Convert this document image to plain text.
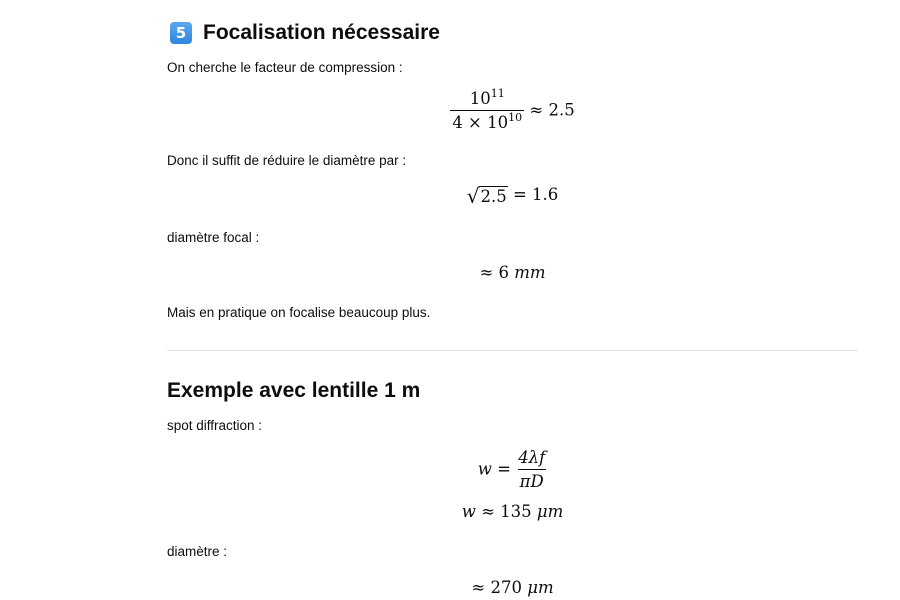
5 Focalisation nécessaire
On cherche le facteur de compression :
$\frac{10^{11}}{4 \times 10^{10}} \approx 2.5$
Donc il suffit de réduire le diamètre par :
√ 2.5 = 1.6
diamètre focal :
≈ 6 mm
Mais en pratique on focalise beaucoup plus.
Exemple avec lentille 1 m
spot diffraction :
$w = \frac{4\lambda f}{\pi D}$
w ≈ 135 μm
diamètre :
≈ 270 μm
